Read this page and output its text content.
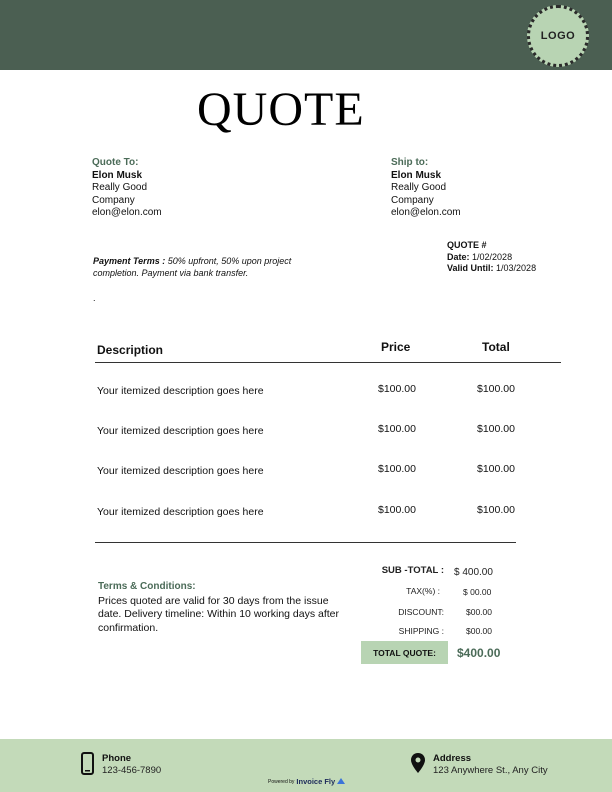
LOGO
QUOTE
Quote To:
Elon Musk
Really Good
Company
elon@elon.com
Ship to:
Elon Musk
Really Good
Company
elon@elon.com
Payment Terms : 50% upfront, 50% upon project completion. Payment via bank transfer.
.
QUOTE #
Date: 1/02/2028
Valid Until: 1/03/2028
Description	Price	Total
Your itemized description goes here	$100.00	$100.00
Your itemized description goes here	$100.00	$100.00
Your itemized description goes here	$100.00	$100.00
Your itemized description goes here	$100.00	$100.00
Terms & Conditions:
Prices quoted are valid for 30 days from the issue date. Delivery timeline: Within 10 working days after confirmation.
SUB -TOTAL : $ 400.00
TAX(%) :	$ 00.00
DISCOUNT:	$00.00
SHIPPING :	$00.00
TOTAL QUOTE:	$400.00
Phone
123-456-7890
Address
123 Anywhere St., Any City
Powered by Invoice Fly
